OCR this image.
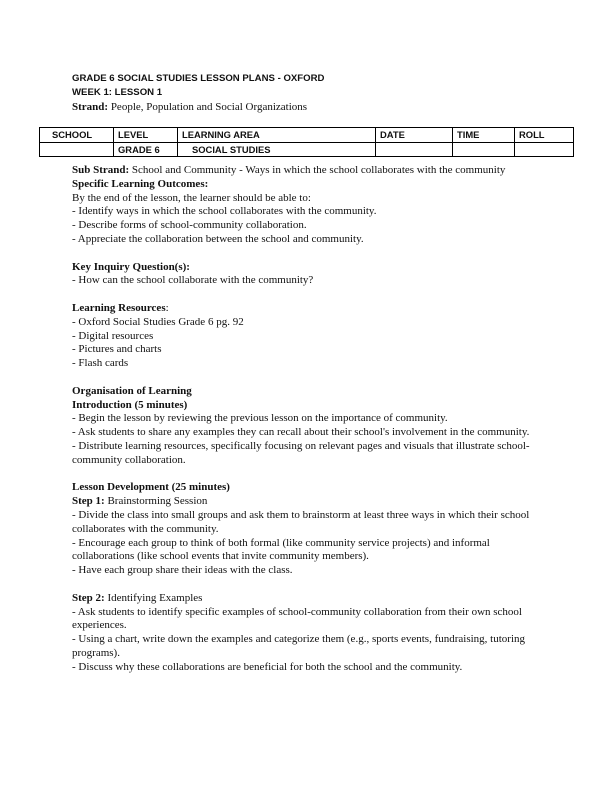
GRADE 6 SOCIAL STUDIES LESSON PLANS - OXFORD
WEEK 1: LESSON 1
Strand: People, Population and Social Organizations
SCHOOL	LEVEL	LEARNING AREA	DATE	TIME	ROLL
	GRADE 6	SOCIAL STUDIES			

Sub Strand: School and Community - Ways in which the school collaborates with the community

Specific Learning Outcomes:

By the end of the lesson, the learner should be able to:

- Identify ways in which the school collaborates with the community.

- Describe forms of school-community collaboration.

- Appreciate the collaboration between the school and community.

Key Inquiry Question(s):

- How can the school collaborate with the community?

Learning Resources:

- Oxford Social Studies Grade 6 pg. 92

- Digital resources

- Pictures and charts

- Flash cards

Organisation of Learning

Introduction (5 minutes)

- Begin the lesson by reviewing the previous lesson on the importance of community.

- Ask students to share any examples they can recall about their school's involvement in the community.

- Distribute learning resources, specifically focusing on relevant pages and visuals that illustrate school-community collaboration.

Lesson Development (25 minutes)

Step 1: Brainstorming Session

- Divide the class into small groups and ask them to brainstorm at least three ways in which their school collaborates with the community.

- Encourage each group to think of both formal (like community service projects) and informal collaborations (like school events that invite community members).

- Have each group share their ideas with the class.

Step 2: Identifying Examples

- Ask students to identify specific examples of school-community collaboration from their own school experiences.

- Using a chart, write down the examples and categorize them (e.g., sports events, fundraising, tutoring programs).

- Discuss why these collaborations are beneficial for both the school and the community.
